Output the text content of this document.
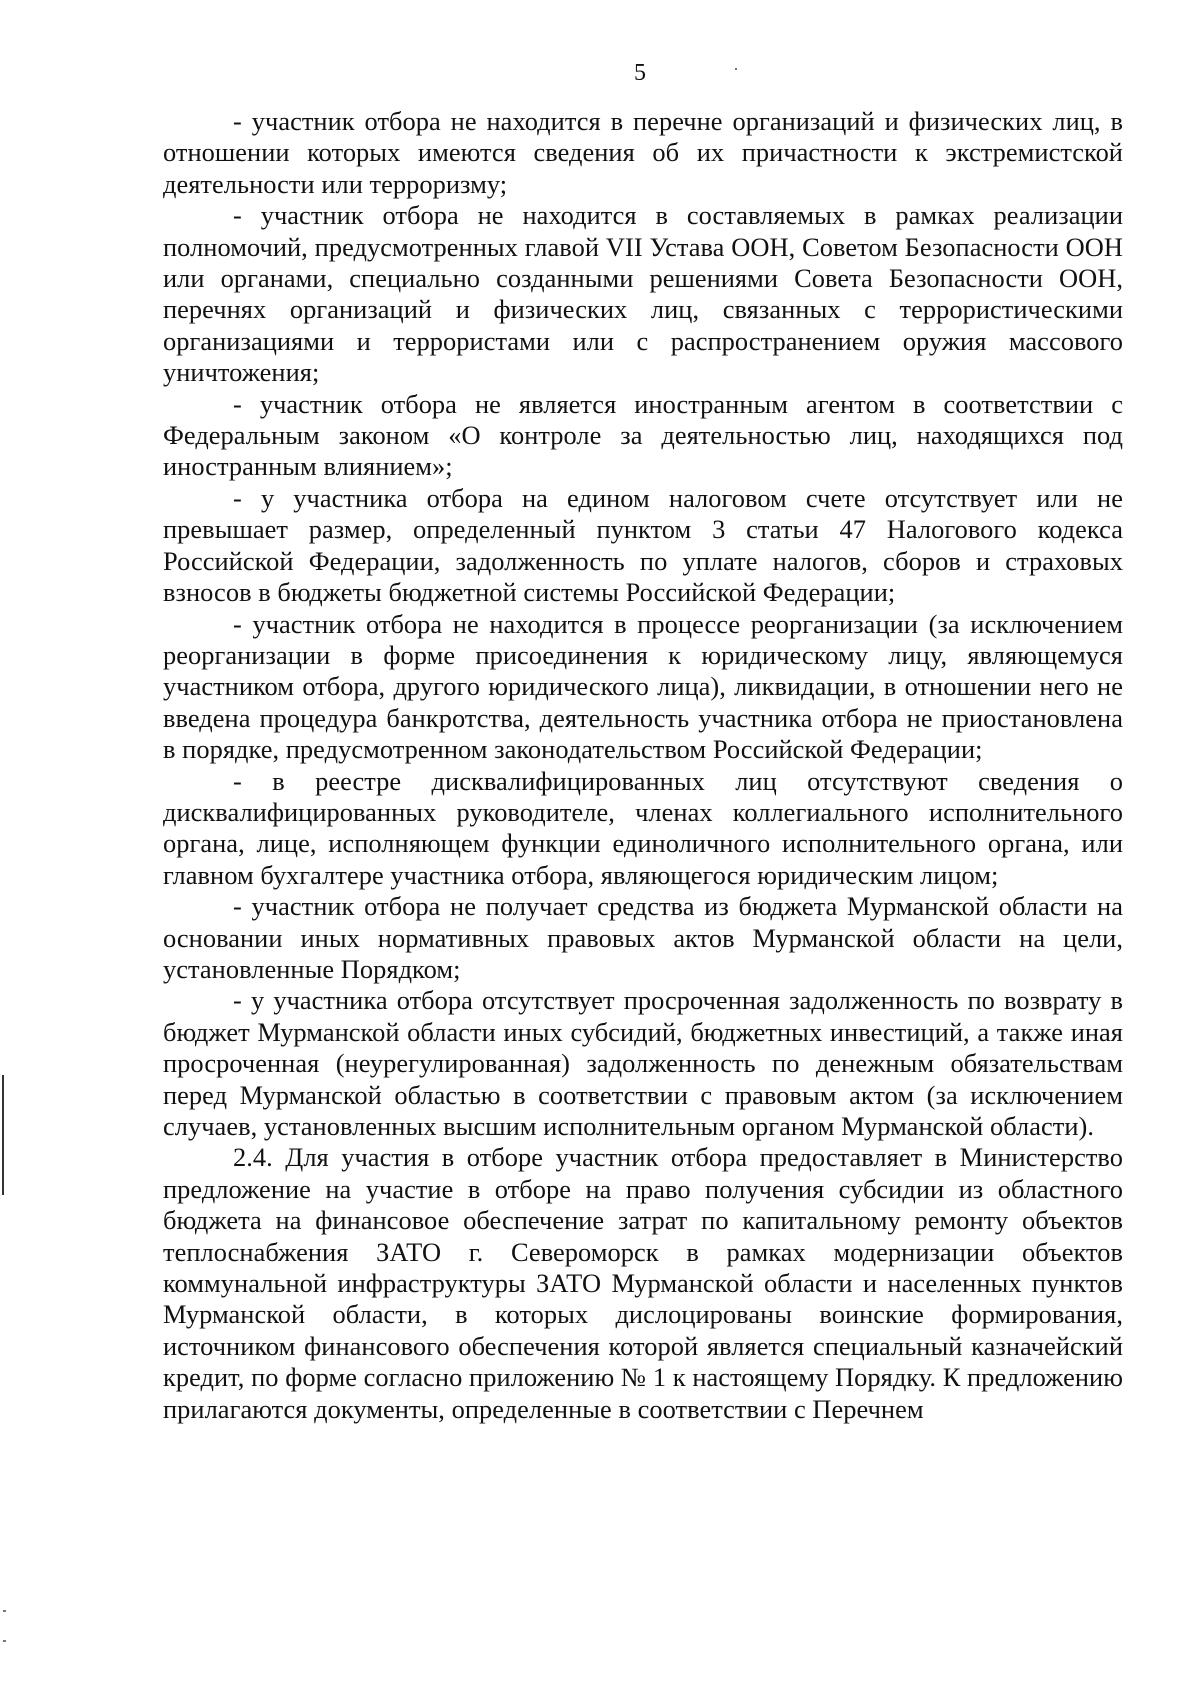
5

- участник отбора не находится в перечне организаций и физических лиц, в отношении которых имеются сведения об их причастности к экстремистской деятельности или терроризму;

- участник отбора не находится в составляемых в рамках реализации полномочий, предусмотренных главой VII Устава ООН, Советом Безопасности ООН или органами, специально созданными решениями Совета Безопасности ООН, перечнях организаций и физических лиц, связанных с террористическими организациями и террористами или с распространением оружия массового уничтожения;

- участник отбора не является иностранным агентом в соответствии с Федеральным законом «О контроле за деятельностью лиц, находящихся под иностранным влиянием»;

- у участника отбора на едином налоговом счете отсутствует или не превышает размер, определенный пунктом 3 статьи 47 Налогового кодекса Российской Федерации, задолженность по уплате налогов, сборов и страховых взносов в бюджеты бюджетной системы Российской Федерации;

- участник отбора не находится в процессе реорганизации (за исключением реорганизации в форме присоединения к юридическому лицу, являющемуся участником отбора, другого юридического лица), ликвидации, в отношении него не введена процедура банкротства, деятельность участника отбора не приостановлена в порядке, предусмотренном законодательством Российской Федерации;

- в реестре дисквалифицированных лиц отсутствуют сведения о дисквалифицированных руководителе, членах коллегиального исполнительного органа, лице, исполняющем функции единоличного исполнительного органа, или главном бухгалтере участника отбора, являющегося юридическим лицом;

- участник отбора не получает средства из бюджета Мурманской области на основании иных нормативных правовых актов Мурманской области на цели, установленные Порядком;

- у участника отбора отсутствует просроченная задолженность по возврату в бюджет Мурманской области иных субсидий, бюджетных инвестиций, а также иная просроченная (неурегулированная) задолженность по денежным обязательствам перед Мурманской областью в соответствии с правовым актом (за исключением случаев, установленных высшим исполнительным органом Мурманской области).

2.4. Для участия в отборе участник отбора предоставляет в Министерство предложение на участие в отборе на право получения субсидии из областного бюджета на финансовое обеспечение затрат по капитальному ремонту объектов теплоснабжения ЗАТО г. Североморск в рамках модернизации объектов коммунальной инфраструктуры ЗАТО Мурманской области и населенных пунктов Мурманской области, в которых дислоцированы воинские формирования, источником финансового обеспечения которой является специальный казначейский кредит, по форме согласно приложению № 1 к настоящему Порядку. К предложению прилагаются документы, определенные в соответствии с Перечнем
